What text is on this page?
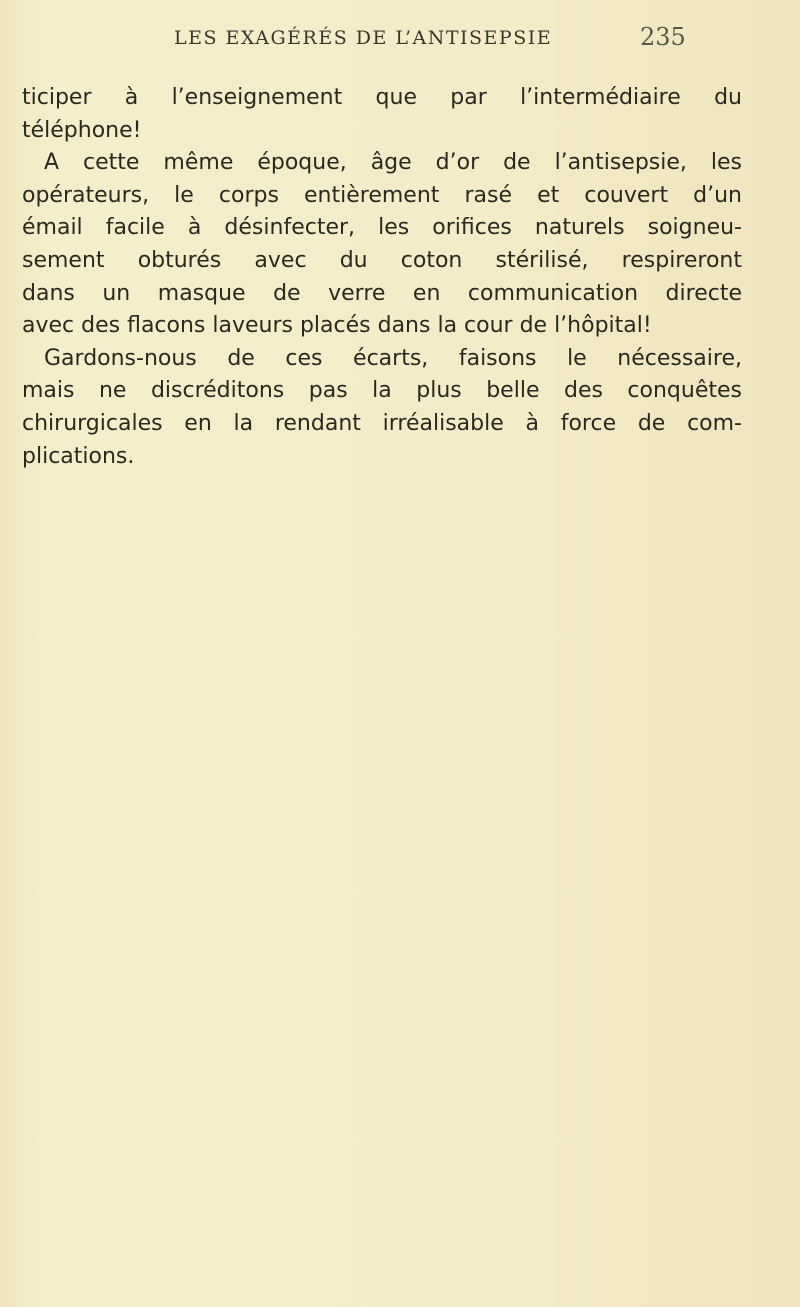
LES EXAGÉRÉS DE L’ANTISEPSIE	235
ticiper à l’enseignement que par l’intermédiaire du
téléphone!
A cette même époque, âge d’or de l’antisepsie, les
opérateurs, le corps entièrement rasé et couvert d’un
émail facile à désinfecter, les orifices naturels soigneu-
sement obturés avec du coton stérilisé, respireront
dans un masque de verre en communication directe
avec des flacons laveurs placés dans la cour de l’hôpital!
Gardons-nous de ces écarts, faisons le nécessaire,
mais ne discréditons pas la plus belle des conquêtes
chirurgicales en la rendant irréalisable à force de com-
plications.
